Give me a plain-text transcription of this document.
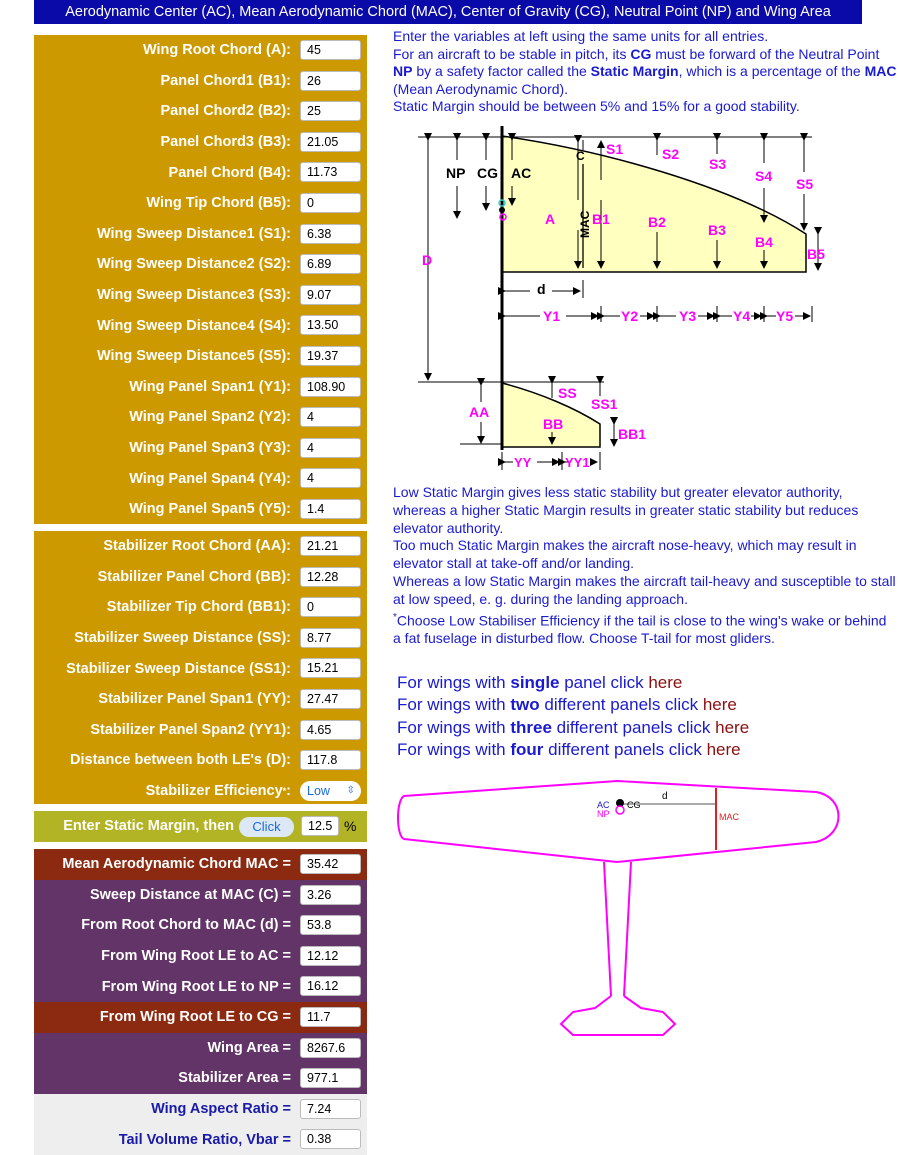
Aerodynamic Center (AC), Mean Aerodynamic Chord (MAC), Center of Gravity (CG), Neutral Point (NP) and Wing Area
Wing Root Chord (A):	45
Panel Chord1 (B1):	26
Panel Chord2 (B2):	25
Panel Chord3 (B3):	21.05
Panel Chord (B4):	11.73
Wing Tip Chord (B5):	0
Wing Sweep Distance1 (S1):	6.38
Wing Sweep Distance2 (S2):	6.89
Wing Sweep Distance3 (S3):	9.07
Wing Sweep Distance4 (S4):	13.50
Wing Sweep Distance5 (S5):	19.37
Wing Panel Span1 (Y1):	108.90
Wing Panel Span2 (Y2):	4
Wing Panel Span3 (Y3):	4
Wing Panel Span4 (Y4):	4
Wing Panel Span5 (Y5):	1.4
Stabilizer Root Chord (AA):	21.21
Stabilizer Panel Chord (BB):	12.28
Stabilizer Tip Chord (BB1):	0
Stabilizer Sweep Distance (SS):	8.77
Stabilizer Sweep Distance (SS1):	15.21
Stabilizer Panel Span1 (YY):	27.47
Stabilizer Panel Span2 (YY1):	4.65
Distance between both LE's (D):	117.8
Stabilizer Efficiency * :	Low ⇳
Enter Static Margin, then	Click	12.5 %
Mean Aerodynamic Chord MAC =	35.42
Sweep Distance at MAC (C) =	3.26
From Root Chord to MAC (d) =	53.8
From Wing Root LE to AC =	12.12
From Wing Root LE to NP =	16.12
From Wing Root LE to CG =	11.7
Wing Area =	8267.6
Stabilizer Area =	977.1
Wing Aspect Ratio =	7.24
Tail Volume Ratio, Vbar =	0.38
Enter the variables at left using the same units for all entries.
For an aircraft to be stable in pitch, its CG must be forward of the Neutral Point NP by a safety factor called the Static Margin, which is a percentage of the MAC (Mean Aerodynamic Chord).
Static Margin should be between 5% and 15% for a good stability.
NP CG AC
C
A MAC B1	B2	B3
B4
B5
S1	S2
S3
S4 S5
D
d
Y1	Y2	Y3	Y4 Y5
SS
SS1
AA
BB
BB1
YY	YY1
Low Static Margin gives less static stability but greater elevator authority, whereas a higher Static Margin results in greater static stability but reduces elevator authority.
Too much Static Margin makes the aircraft nose-heavy, which may result in elevator stall at take-off and/or landing.
Whereas a low Static Margin makes the aircraft tail-heavy and susceptible to stall at low speed, e. g. during the landing approach.
*Choose Low Stabiliser Efficiency if the tail is close to the wing's wake or behind a fat fuselage in disturbed flow. Choose T-tail for most gliders.
For wings with single panel click here
For wings with two different panels click here
For wings with three different panels click here
For wings with four different panels click here
AC
NP
CG
d
MAC
